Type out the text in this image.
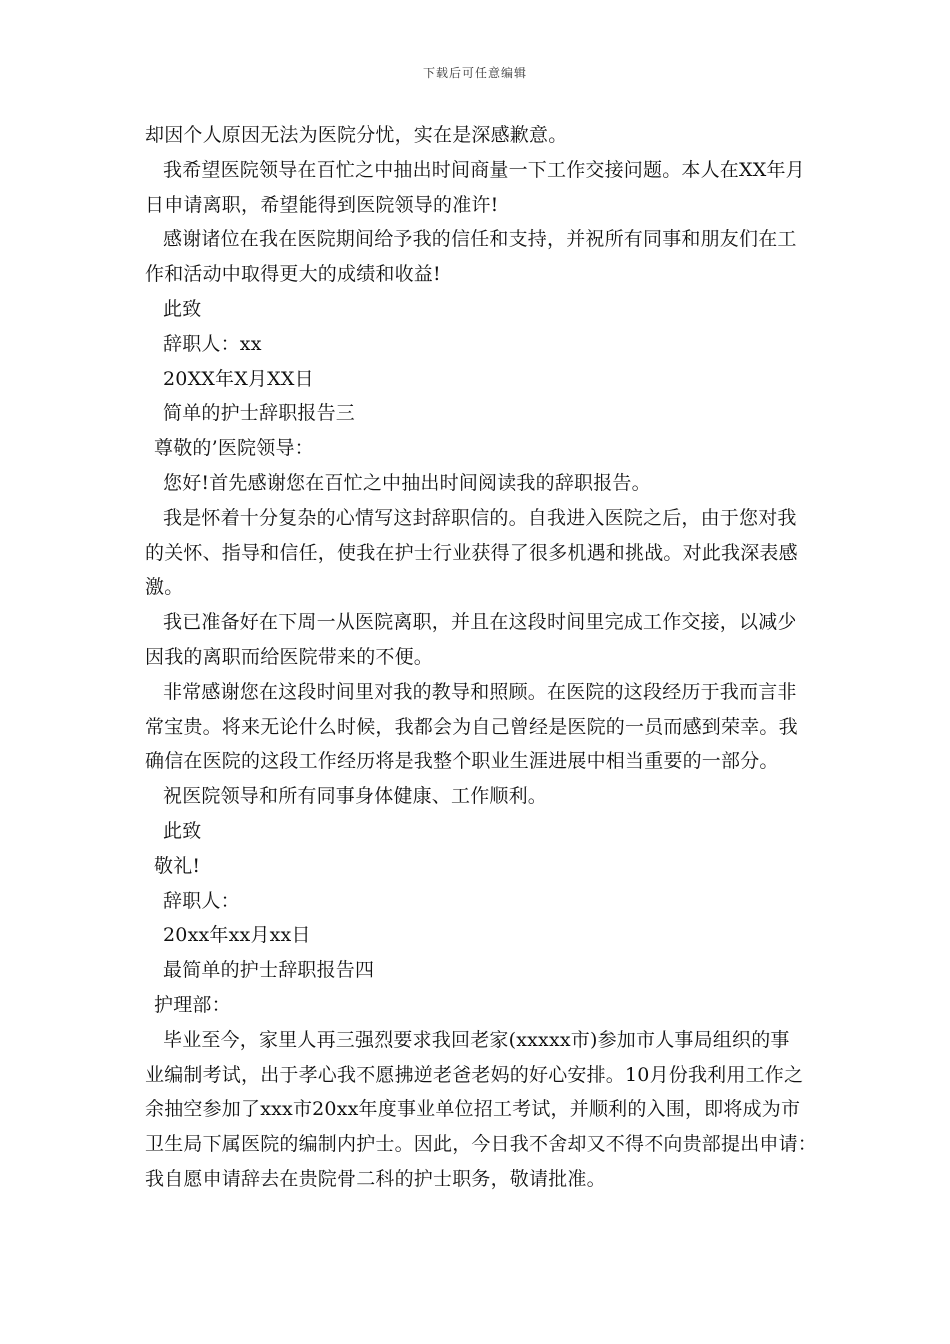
下载后可任意编辑
却因个人原因无法为医院分忧，实在是深感歉意。
我希望医院领导在百忙之中抽出时间商量一下工作交接问题。本人在XX年月
日申请离职，希望能得到医院领导的准许!
感谢诸位在我在医院期间给予我的信任和支持，并祝所有同事和朋友们在工
作和活动中取得更大的成绩和收益!
此致
辞职人：xx
20XX年X月XX日
简单的护士辞职报告三
尊敬的’医院领导：
您好!首先感谢您在百忙之中抽出时间阅读我的辞职报告。
我是怀着十分复杂的心情写这封辞职信的。自我进入医院之后，由于您对我
的关怀、指导和信任，使我在护士行业获得了很多机遇和挑战。对此我深表感
激。
我已准备好在下周一从医院离职，并且在这段时间里完成工作交接，以减少
因我的离职而给医院带来的不便。
非常感谢您在这段时间里对我的教导和照顾。在医院的这段经历于我而言非
常宝贵。将来无论什么时候，我都会为自己曾经是医院的一员而感到荣幸。我
确信在医院的这段工作经历将是我整个职业生涯进展中相当重要的一部分。
祝医院领导和所有同事身体健康、工作顺利。
此致
敬礼!
辞职人：
20xx年xx月xx日
最简单的护士辞职报告四
护理部：
毕业至今，家里人再三强烈要求我回老家(xxxxx市)参加市人事局组织的事
业编制考试，出于孝心我不愿拂逆老爸老妈的好心安排。10月份我利用工作之
余抽空参加了xxx市20xx年度事业单位招工考试，并顺利的入围，即将成为市
卫生局下属医院的编制内护士。因此，今日我不舍却又不得不向贵部提出申请：
我自愿申请辞去在贵院骨二科的护士职务，敬请批准。
